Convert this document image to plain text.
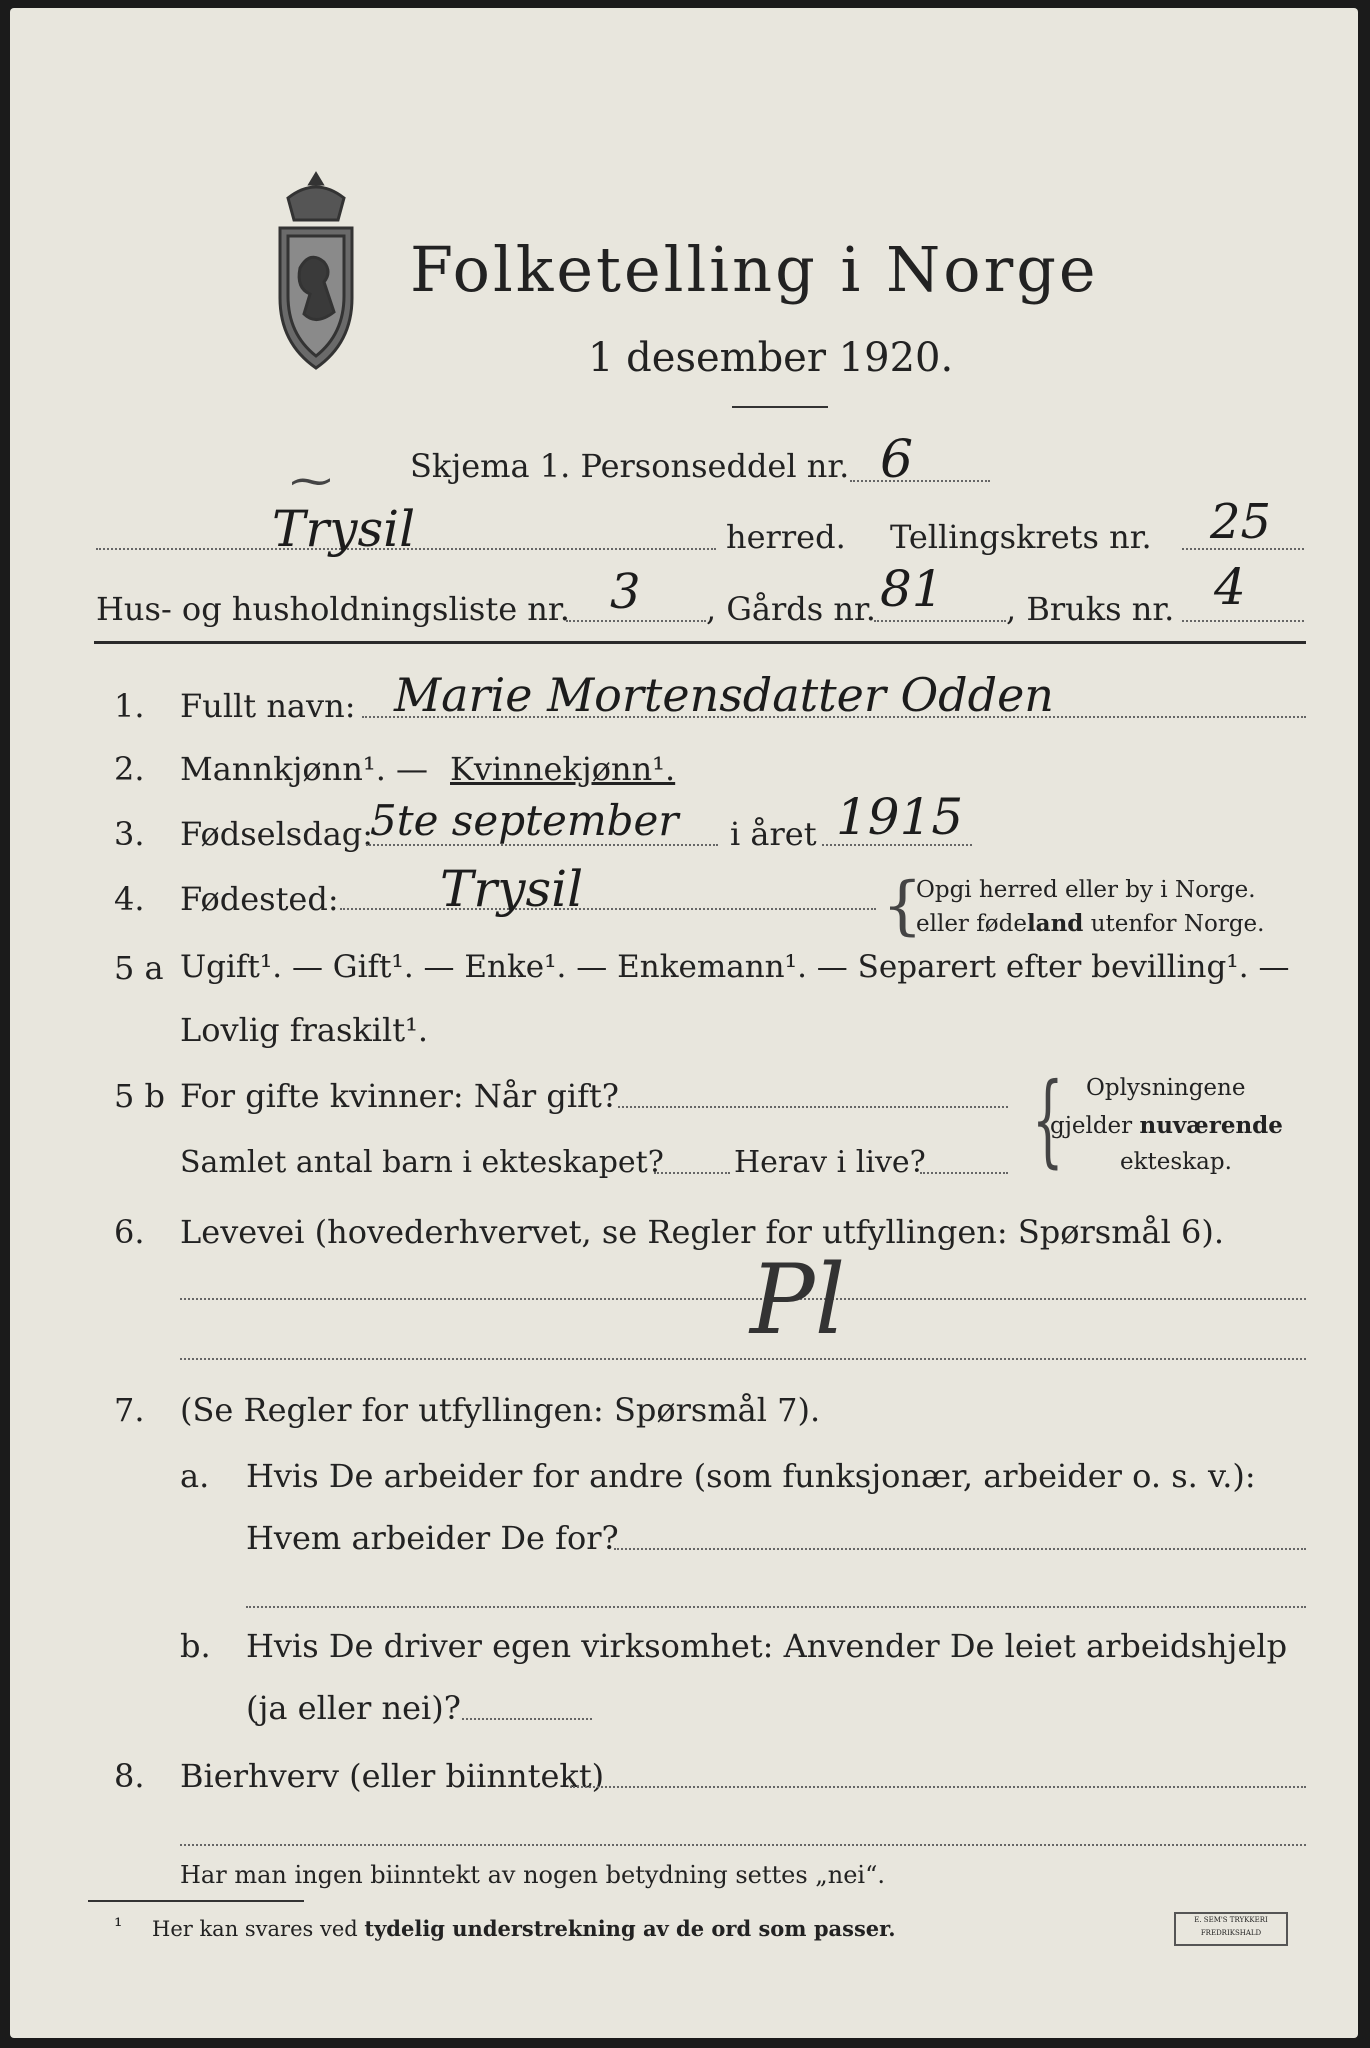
Folketelling i Norge
1 desember 1920.
Skjema 1. Personseddel nr. 6
⁓
Trysil	herred. Tellingskrets nr. 25
Hus- og husholdningsliste nr. 3 , Gårds nr. 81 , Bruks nr. 4
1. Fullt navn: Marie Mortensdatter Odden
2. Mannkjønn¹. — Kvinnekjønn¹.
3. Fødselsdag:
5te september i året 1915
4. Fødested: Trysil	{
Opgi herred eller by i Norge.
eller fødeland utenfor Norge.
5 a Ugift¹. — Gift¹. — Enke¹. — Enkemann¹. — Separert efter bevilling¹. —
Lovlig fraskilt¹.
5 b For gifte kvinner: Når gift?
Samlet antal barn i ekteskapet? Herav i live? { Oplysningene
gjelder nuværende
ekteskap.
6. Levevei (hovederhvervet, se Regler for utfyllingen: Spørsmål 6).
Pl
7. (Se Regler for utfyllingen: Spørsmål 7).
a. Hvis De arbeider for andre (som funksjonær, arbeider o. s. v.):
Hvem arbeider De for?
b. Hvis De driver egen virksomhet: Anvender De leiet arbeidshjelp
(ja eller nei)?
8. Bierhverv (eller biinntekt)
Har man ingen biinntekt av nogen betydning settes „nei“.
¹ Her kan svares ved tydelig understrekning av de ord som passer.	E. SEM'S TRYKKERI
FREDRIKSHALD
